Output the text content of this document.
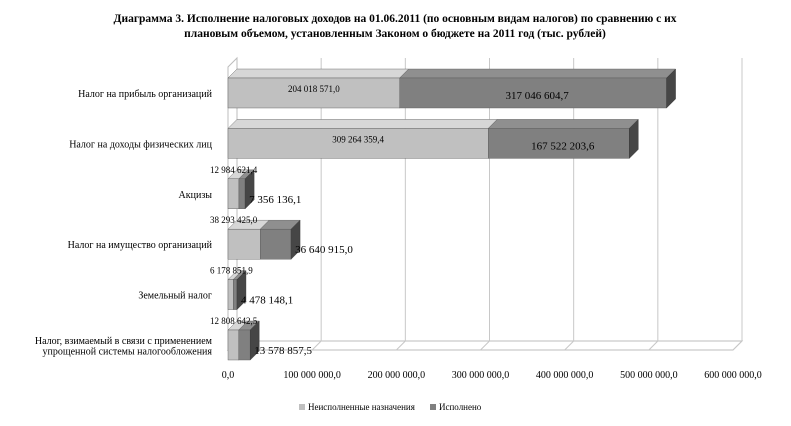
Диаграмма 3. Исполнение налоговых доходов на 01.06.2011 (по основным видам налогов) по сравнению с их
плановым объемом, установленным Законом о бюджете на 2011 год (тыс. рублей)
Налог на прибыль организаций
Налог на доходы физических лиц
Акцизы
Налог на имущество организаций
Земельный налог
Налог, взимаемый в связи с применением
упрощенной системы налогообложения
0,0	100 000 000,0	200 000 000,0	300 000 000,0	400 000 000,0	500 000 000,0	600 000 000,0
204 018 571,0
317 046 604,7
309 264 359,4
167 522 203,6
12 984 621,4
7 356 136,1
38 293 425,0
36 640 915,0
6 178 851,9
4 478 148,1
12 808 642,5
13 578 857,5
Неисполненные назначения	Исполнено
